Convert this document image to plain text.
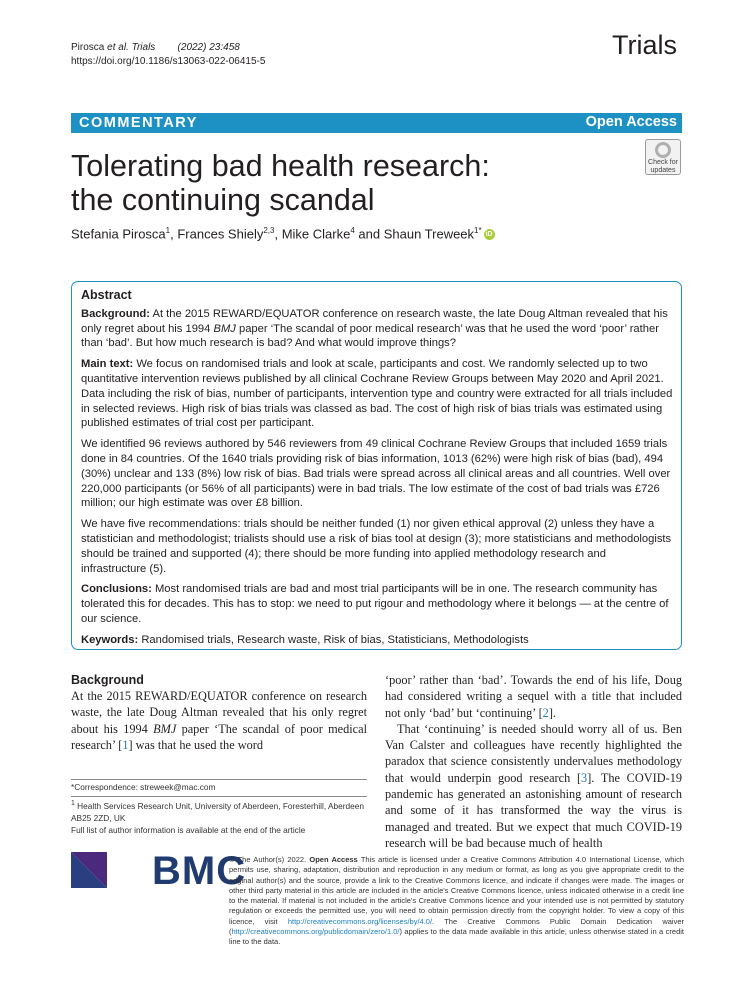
Pirosca et al. Trials (2022) 23:458
https://doi.org/10.1186/s13063-022-06415-5
Trials
COMMENTARY	Open Access
Tolerating bad health research:
the continuing scandal
Check for
updates
Stefania Pirosca$^1$, Frances Shiely$^{2,3}$, Mike Clarke$^4$ and Shaun Treweek$^{1*}$ iD
Abstract

Background: At the 2015 REWARD/EQUATOR conference on research waste, the late Doug Altman revealed that his only regret about his 1994 BMJ paper ‘The scandal of poor medical research’ was that he used the word ‘poor’ rather than ‘bad’. But how much research is bad? And what would improve things?

Main text: We focus on randomised trials and look at scale, participants and cost. We randomly selected up to two quantitative intervention reviews published by all clinical Cochrane Review Groups between May 2020 and April 2021. Data including the risk of bias, number of participants, intervention type and country were extracted for all trials included in selected reviews. High risk of bias trials was classed as bad. The cost of high risk of bias trials was estimated using published estimates of trial cost per participant.

We identified 96 reviews authored by 546 reviewers from 49 clinical Cochrane Review Groups that included 1659 trials done in 84 countries. Of the 1640 trials providing risk of bias information, 1013 (62%) were high risk of bias (bad), 494 (30%) unclear and 133 (8%) low risk of bias. Bad trials were spread across all clinical areas and all countries. Well over 220,000 participants (or 56% of all participants) were in bad trials. The low estimate of the cost of bad trials was £726 million; our high estimate was over £8 billion.

We have five recommendations: trials should be neither funded (1) nor given ethical approval (2) unless they have a statistician and methodologist; trialists should use a risk of bias tool at design (3); more statisticians and methodologists should be trained and supported (4); there should be more funding into applied methodology research and infrastructure (5).

Conclusions: Most randomised trials are bad and most trial participants will be in one. The research community has tolerated this for decades. This has to stop: we need to put rigour and methodology where it belongs — at the centre of our science.

Keywords: Randomised trials, Research waste, Risk of bias, Statisticians, Methodologists

Background

At the 2015 REWARD/EQUATOR conference on research waste, the late Doug Altman revealed that his only regret about his 1994 BMJ paper ‘The scandal of poor medical research’ [1] was that he used the word

‘poor’ rather than ‘bad’. Towards the end of his life, Doug had considered writing a sequel with a title that included not only ‘bad’ but ‘continuing’ [2].

That ‘continuing’ is needed should worry all of us. Ben Van Calster and colleagues have recently highlighted the paradox that science consistently undervalues methodology that would underpin good research [3]. The COVID-19 pandemic has generated an astonishing amount of research and some of it has transformed the way the virus is managed and treated. But we expect that much COVID-19 research will be bad because much of health

*Correspondence: streweek@mac.com
$^1$ Health Services Research Unit, University of Aberdeen, Foresterhill, Aberdeen AB25 2ZD, UK
Full list of author information is available at the end of the article
BMC
© The Author(s) 2022. Open Access This article is licensed under a Creative Commons Attribution 4.0 International License, which permits use, sharing, adaptation, distribution and reproduction in any medium or format, as long as you give appropriate credit to the original author(s) and the source, provide a link to the Creative Commons licence, and indicate if changes were made. The images or other third party material in this article are included in the article's Creative Commons licence, unless indicated otherwise in a credit line to the material. If material is not included in the article's Creative Commons licence and your intended use is not permitted by statutory regulation or exceeds the permitted use, you will need to obtain permission directly from the copyright holder. To view a copy of this licence, visit http://creativecommons.org/licenses/by/4.0/. The Creative Commons Public Domain Dedication waiver (http://creativecommons.org/publicdomain/zero/1.0/) applies to the data made available in this article, unless otherwise stated in a credit line to the data.
